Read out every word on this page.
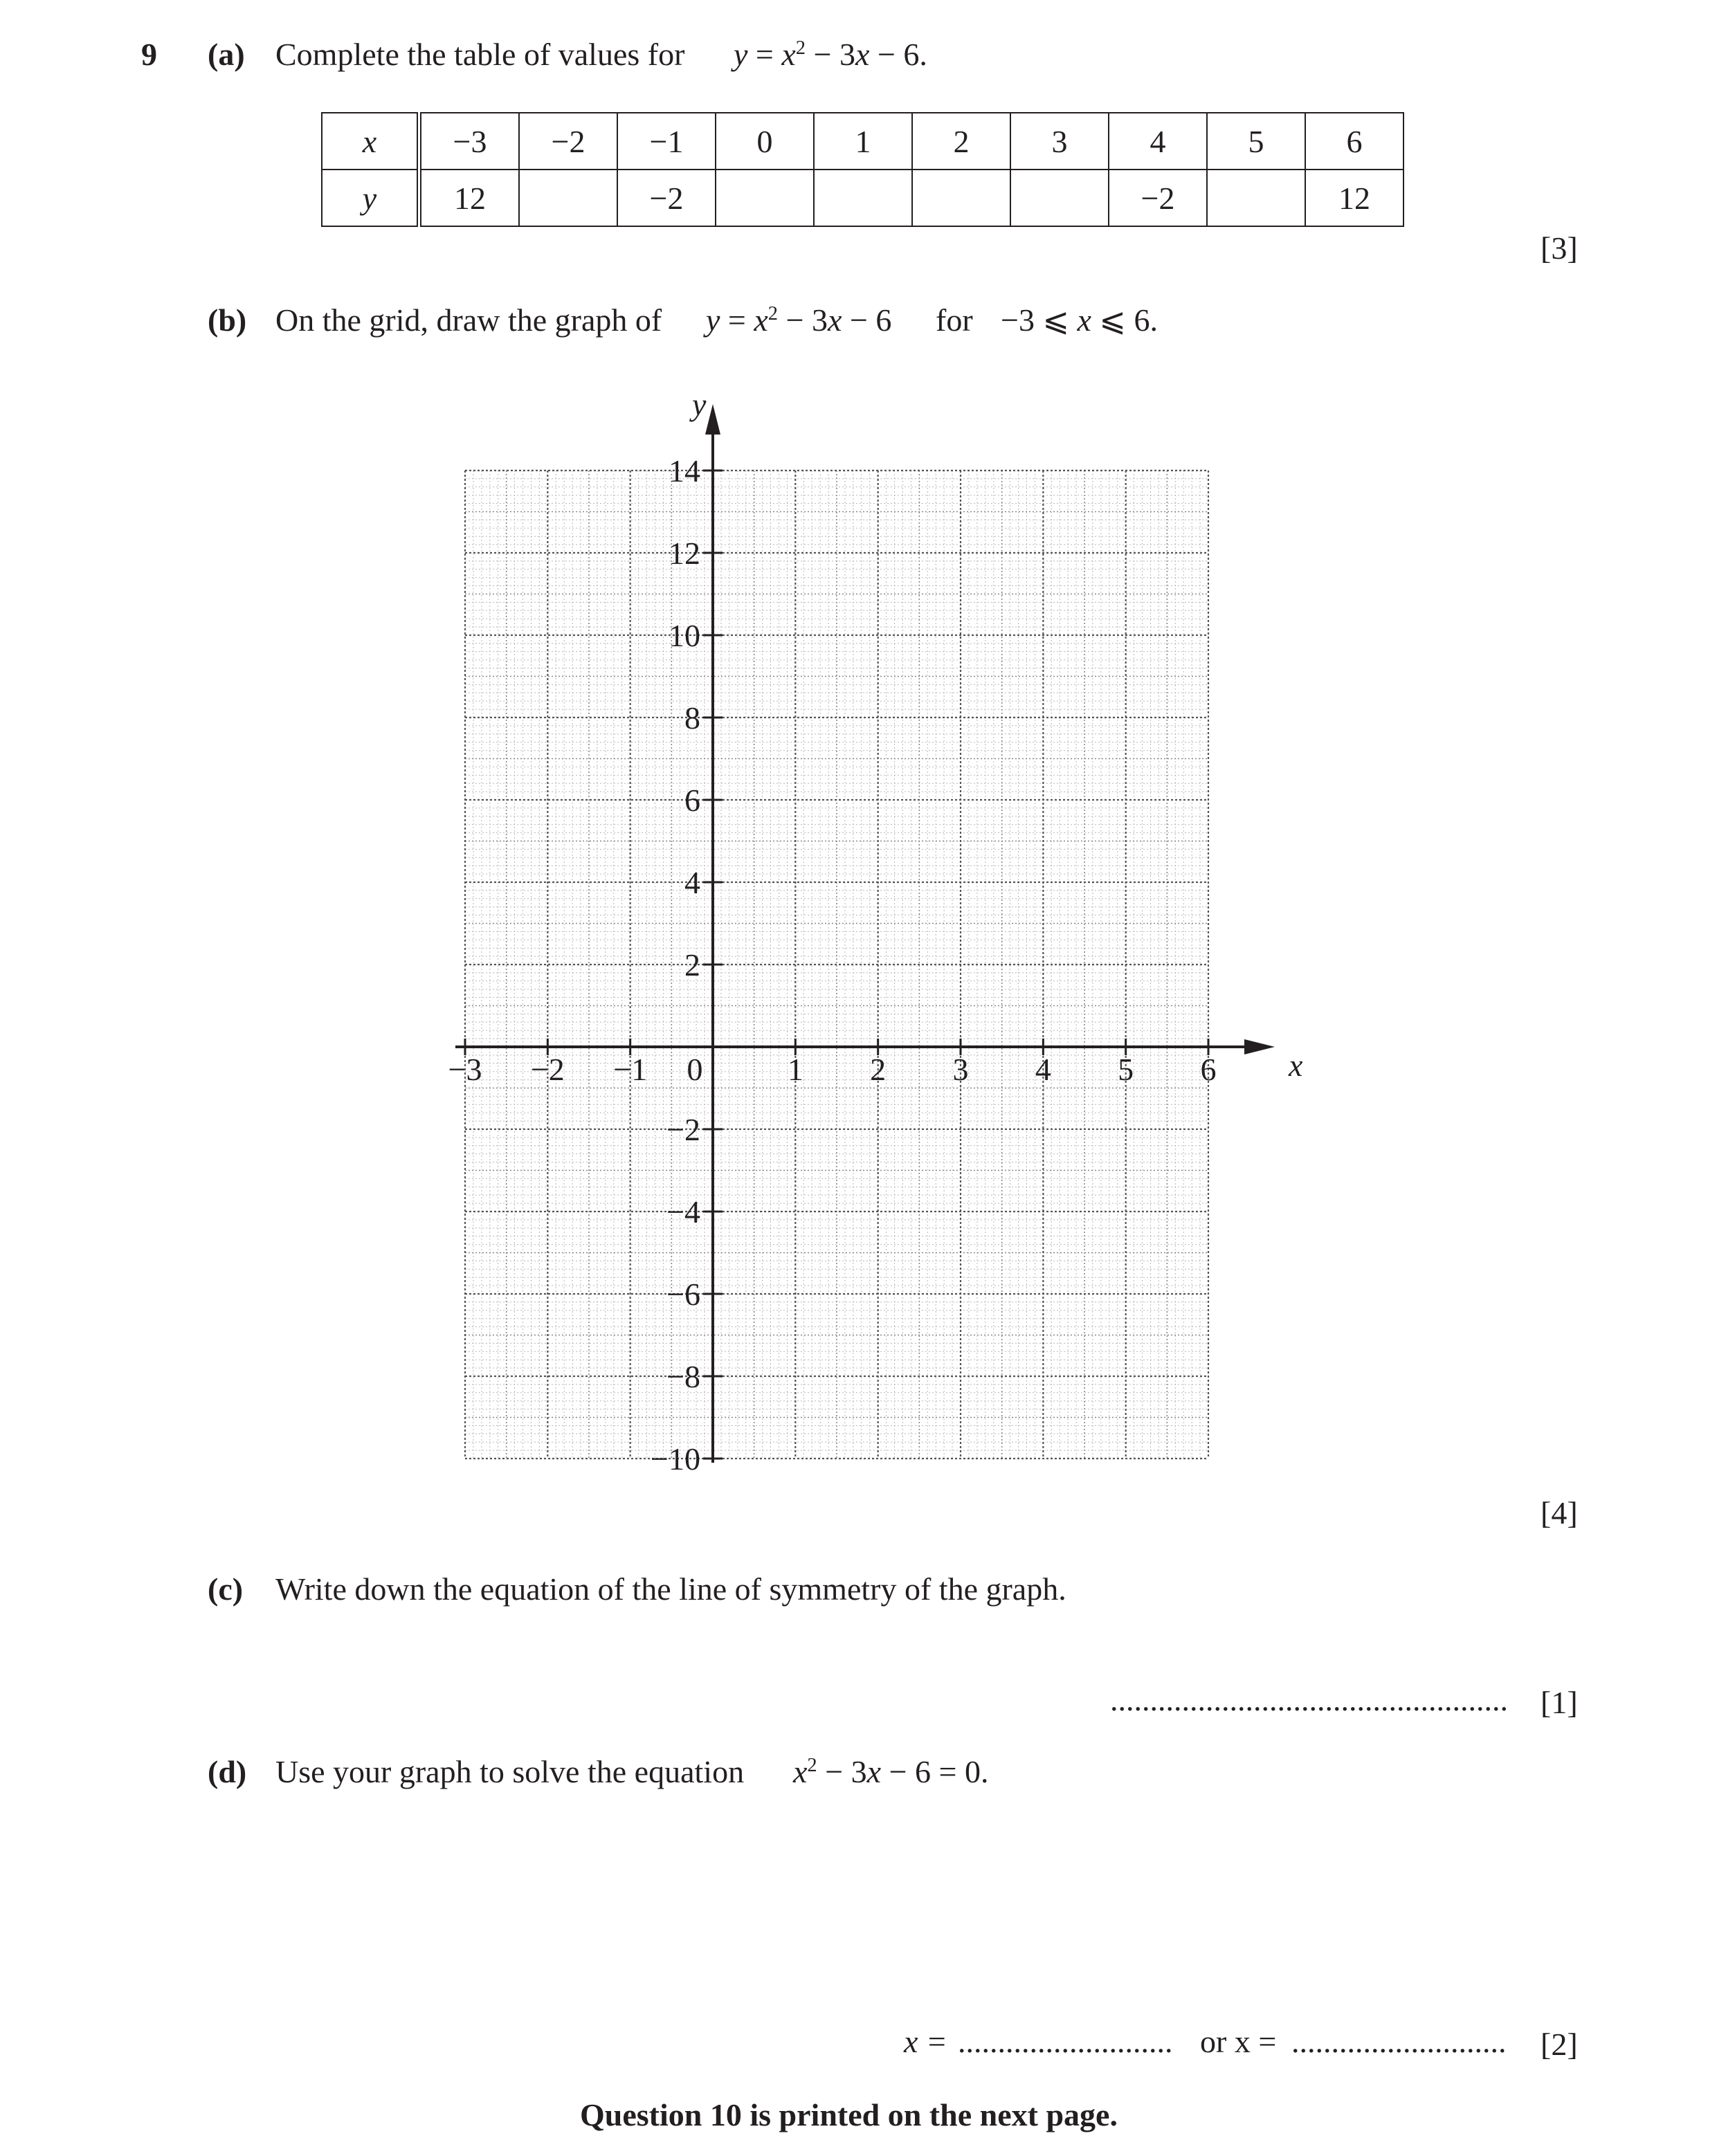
9 (a) Complete the table of values for $y = x^2 - 3x - 6$.
x	−3	−2	−1	0	1	2	3	4	5	6
y	12		−2					−2		12
[3]
(b) On the grid, draw the graph of $y = x^2 - 3x - 6$ for −3 ⩽ x ⩽ 6.
−3 −2 −1 0	1 2 3 4 5 6
14
12
10
8
6
4
2
−2
−4
−6
−8
−10
x
y
[4]
(c) Write down the equation of the line of symmetry of the graph.
.................................................. [1]
(d) Use your graph to solve the equation $x^2 - 3x - 6 = 0$.
x = ........................... or x = ........................... [2]
Question 10 is printed on the next page.
